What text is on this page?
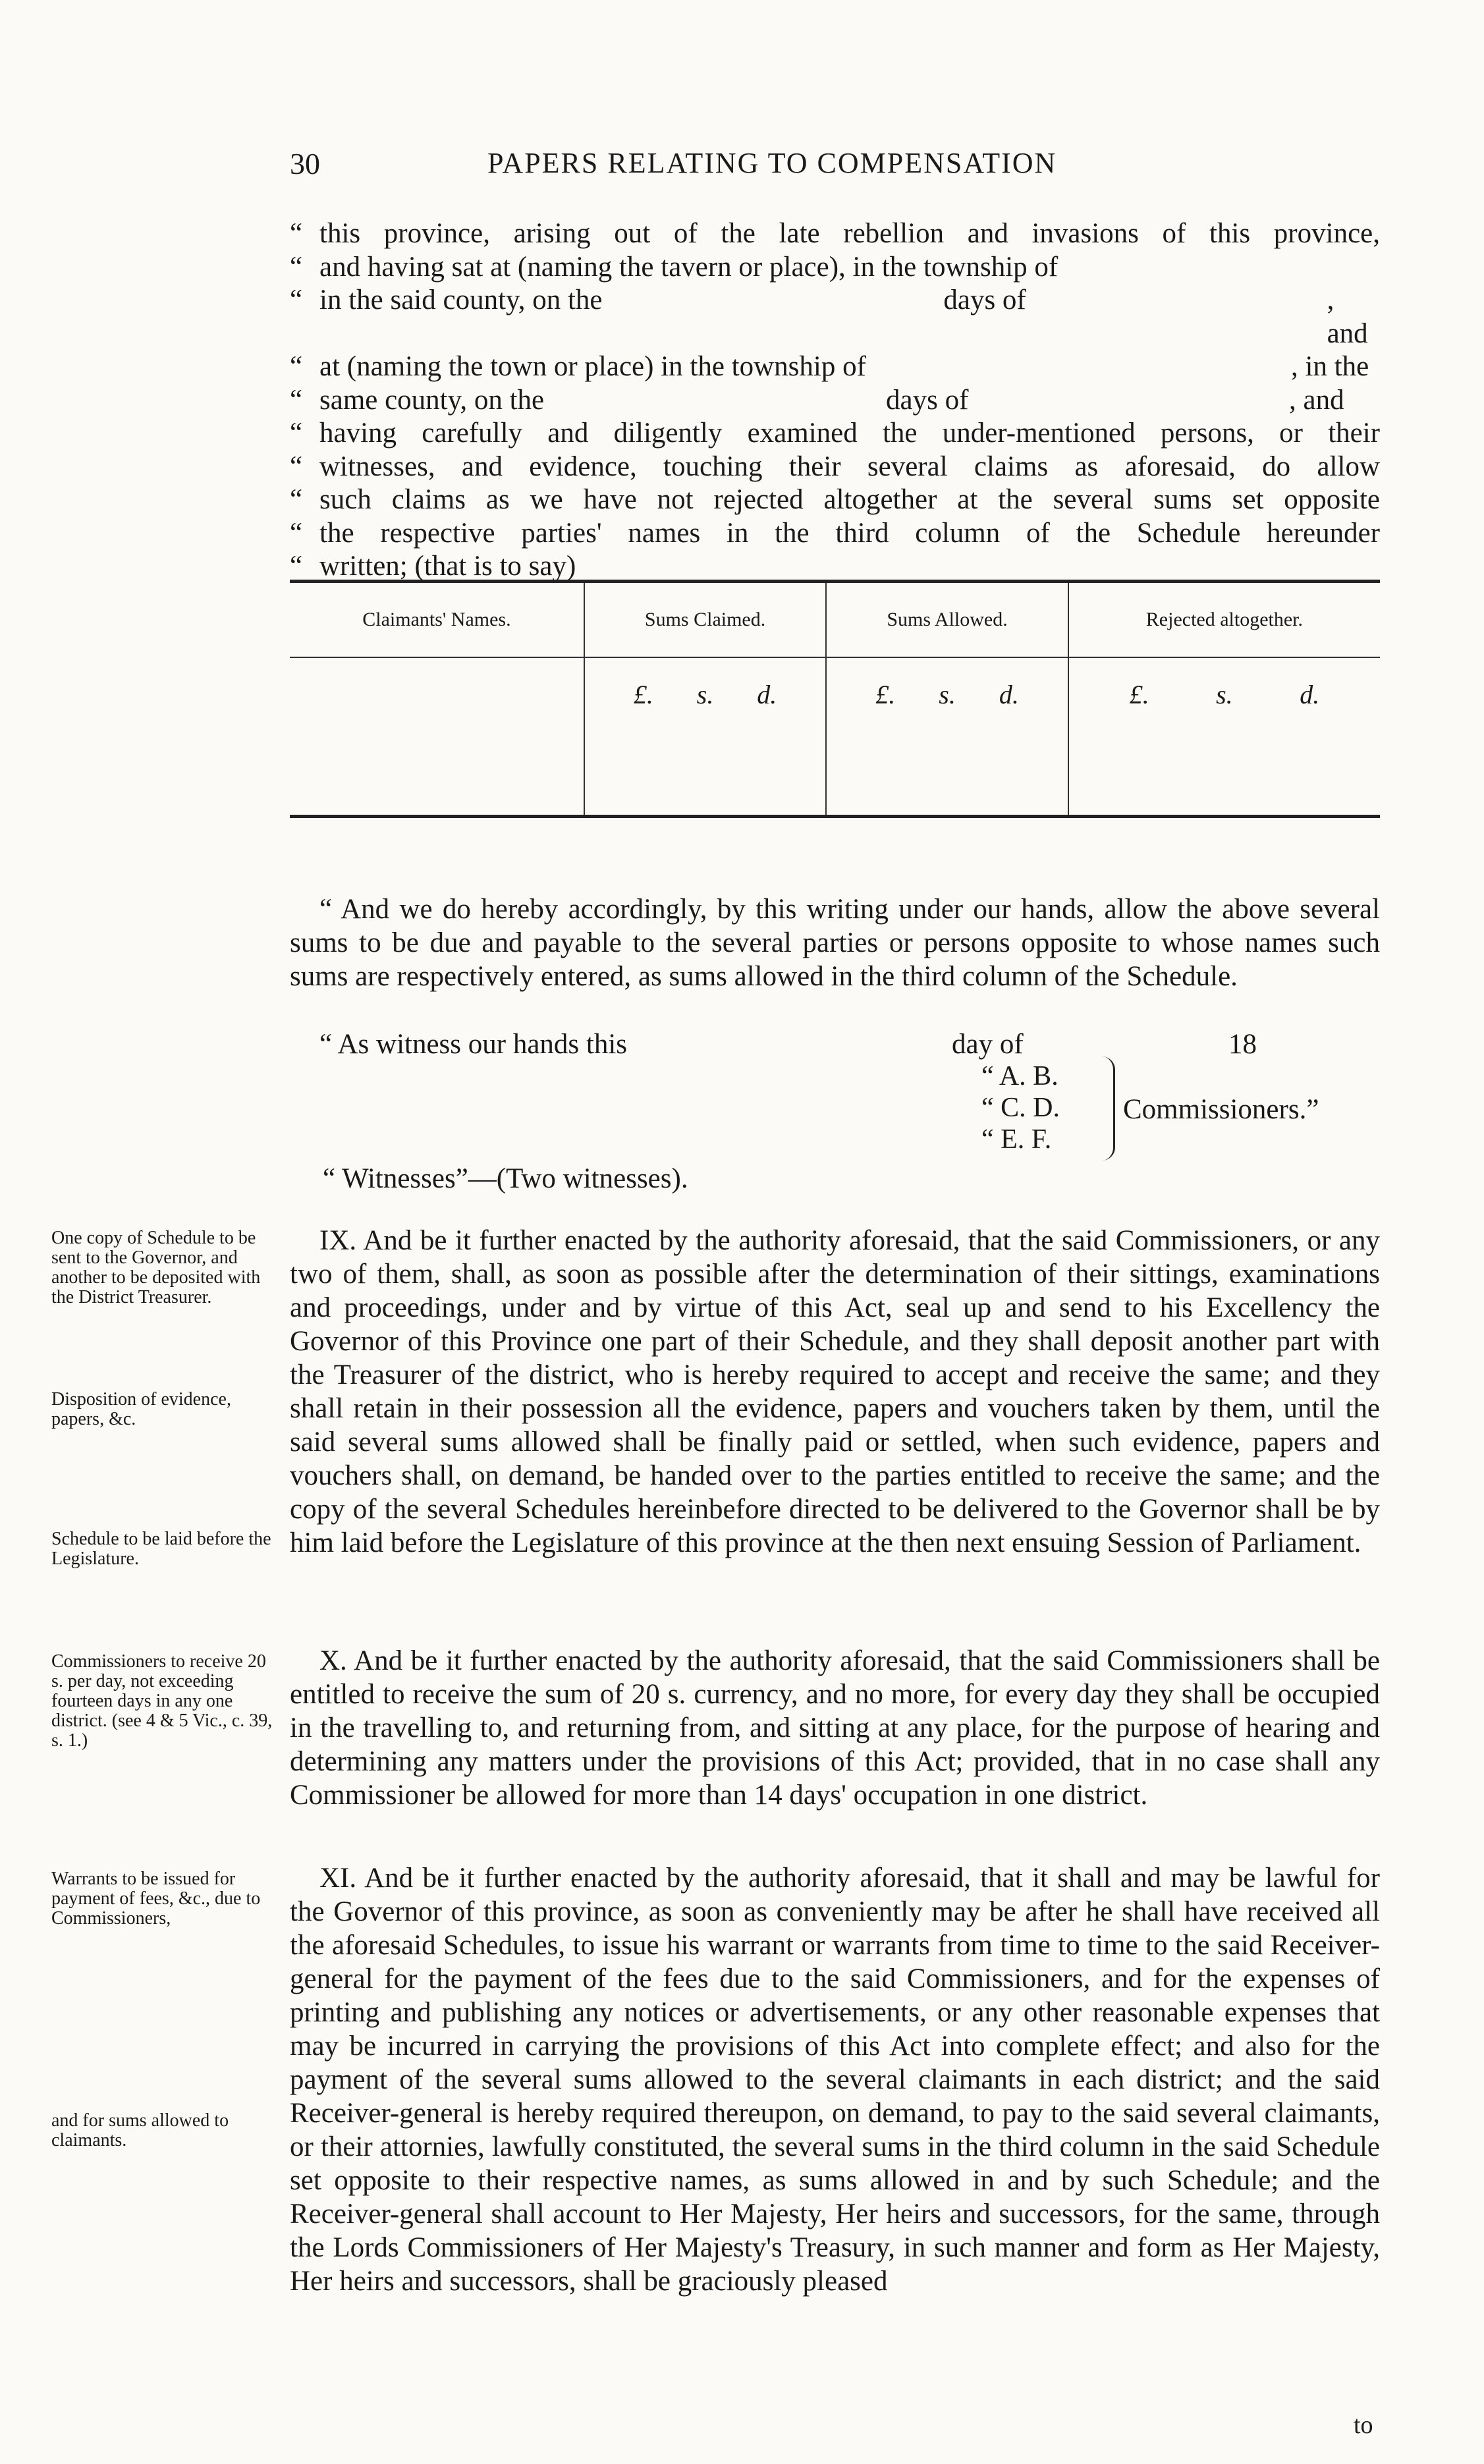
30	PAPERS RELATING TO COMPENSATION
“ this province, arising out of the late rebellion and invasions of this province,
“ and having sat at (naming the tavern or place), in the township of
“ in the said county, on the	days of	, and
“ at (naming the town or place) in the township of	, in the
“ same county, on the	days of	, and
“ having carefully and diligently examined the under-mentioned persons, or their
“ witnesses, and evidence, touching their several claims as aforesaid, do allow
“ such claims as we have not rejected altogether at the several sums set opposite
“ the respective parties' names in the third column of the Schedule hereunder
“ written; (that is to say)
Claimants' Names.	Sums Claimed.	Sums Allowed.	Rejected altogether.

	£. s. d.	£. s. d.	£. s. d.

“ And we do hereby accordingly, by this writing under our hands, allow the above several sums to be due and payable to the several parties or persons opposite to whose names such sums are respectively entered, as sums allowed in the third column of the Schedule.

“ As witness our hands this	day of	18
“ A. B.
“ C. D.
“ E. F.
Commissioners.”
“ Witnesses”—(Two witnesses).

IX. And be it further enacted by the authority aforesaid, that the said Commissioners, or any two of them, shall, as soon as possible after the determination of their sittings, examinations and proceedings, under and by virtue of this Act, seal up and send to his Excellency the Governor of this Province one part of their Schedule, and they shall deposit another part with the Treasurer of the district, who is hereby required to accept and receive the same; and they shall retain in their possession all the evidence, papers and vouchers taken by them, until the said several sums allowed shall be finally paid or settled, when such evidence, papers and vouchers shall, on demand, be handed over to the parties entitled to receive the same; and the copy of the several Schedules hereinbefore directed to be delivered to the Governor shall be by him laid before the Legislature of this province at the then next ensuing Session of Parliament.

X. And be it further enacted by the authority aforesaid, that the said Commissioners shall be entitled to receive the sum of 20 s. currency, and no more, for every day they shall be occupied in the travelling to, and returning from, and sitting at any place, for the purpose of hearing and determining any matters under the provisions of this Act; provided, that in no case shall any Commissioner be allowed for more than 14 days' occupation in one district.

XI. And be it further enacted by the authority aforesaid, that it shall and may be lawful for the Governor of this province, as soon as conveniently may be after he shall have received all the aforesaid Schedules, to issue his warrant or warrants from time to time to the said Receiver-general for the payment of the fees due to the said Commissioners, and for the expenses of printing and publishing any notices or advertisements, or any other reasonable expenses that may be incurred in carrying the provisions of this Act into complete effect; and also for the payment of the several sums allowed to the several claimants in each district; and the said Receiver-general is hereby required thereupon, on demand, to pay to the said several claimants, or their attornies, lawfully constituted, the several sums in the third column in the said Schedule set opposite to their respective names, as sums allowed in and by such Schedule; and the Receiver-general shall account to Her Majesty, Her heirs and successors, for the same, through the Lords Commissioners of Her Majesty's Treasury, in such manner and form as Her Majesty, Her heirs and successors, shall be graciously pleased

One copy of Schedule to be sent to the Governor, and another to be deposited with the District Treasurer.
Disposition of evidence, papers, &c.
Schedule to be laid before the Legislature.
Commissioners to receive 20 s. per day, not exceeding fourteen days in any one district. (see 4 & 5 Vic., c. 39, s. 1.)
Warrants to be issued for payment of fees, &c., due to Commissioners,
and for sums allowed to claimants.
to
